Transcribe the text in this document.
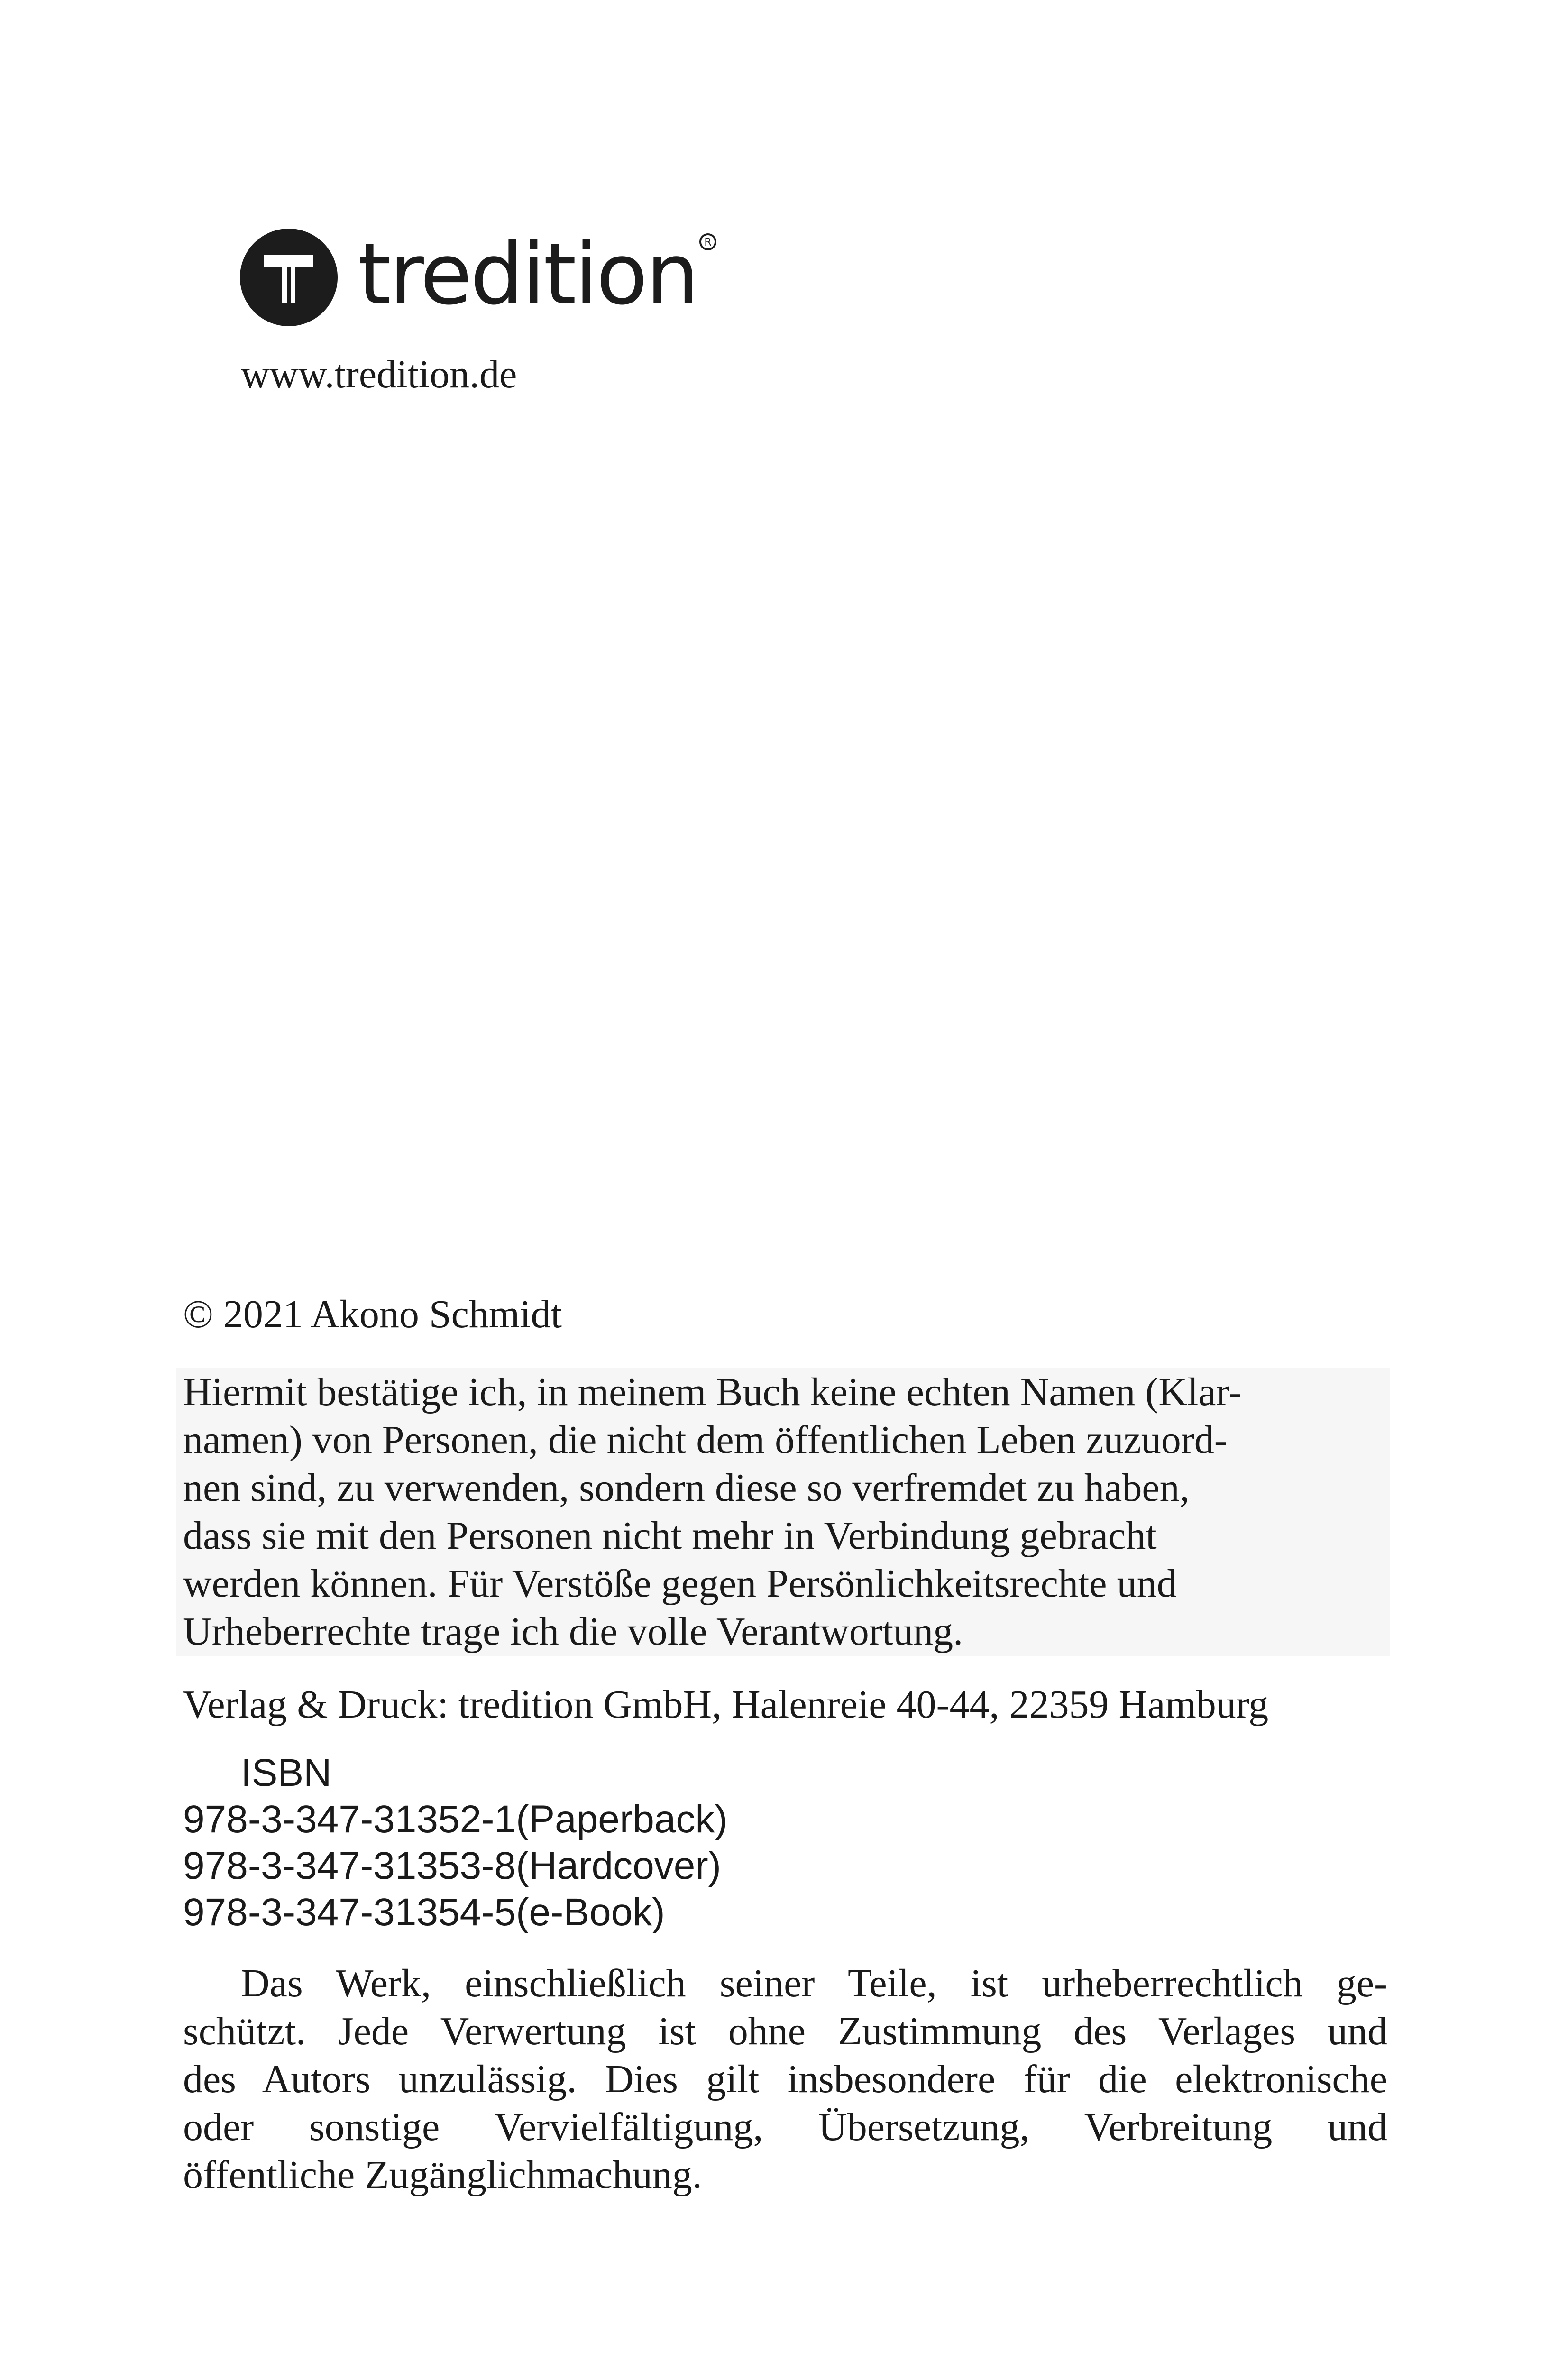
tredition R
www.tredition.de
© 2021 Akono Schmidt
Hiermit bestätige ich, in meinem Buch keine echten Namen (Klar-
namen) von Personen, die nicht dem öffentlichen Leben zuzuord-
nen sind, zu verwenden, sondern diese so verfremdet zu haben,
dass sie mit den Personen nicht mehr in Verbindung gebracht
werden können. Für Verstöße gegen Persönlichkeitsrechte und
Urheberrechte trage ich die volle Verantwortung.
Verlag & Druck: tredition GmbH, Halenreie 40-44, 22359 Hamburg
ISBN
978-3-347-31352-1(Paperback)
978-3-347-31353-8(Hardcover)
978-3-347-31354-5(e-Book)
Das Werk, einschließlich seiner Teile, ist urheberrechtlich ge-
schützt. Jede Verwertung ist ohne Zustimmung des Verlages und
des Autors unzulässig. Dies gilt insbesondere für die elektronische
oder sonstige Vervielfältigung, Übersetzung, Verbreitung und
öffentliche Zugänglichmachung.
